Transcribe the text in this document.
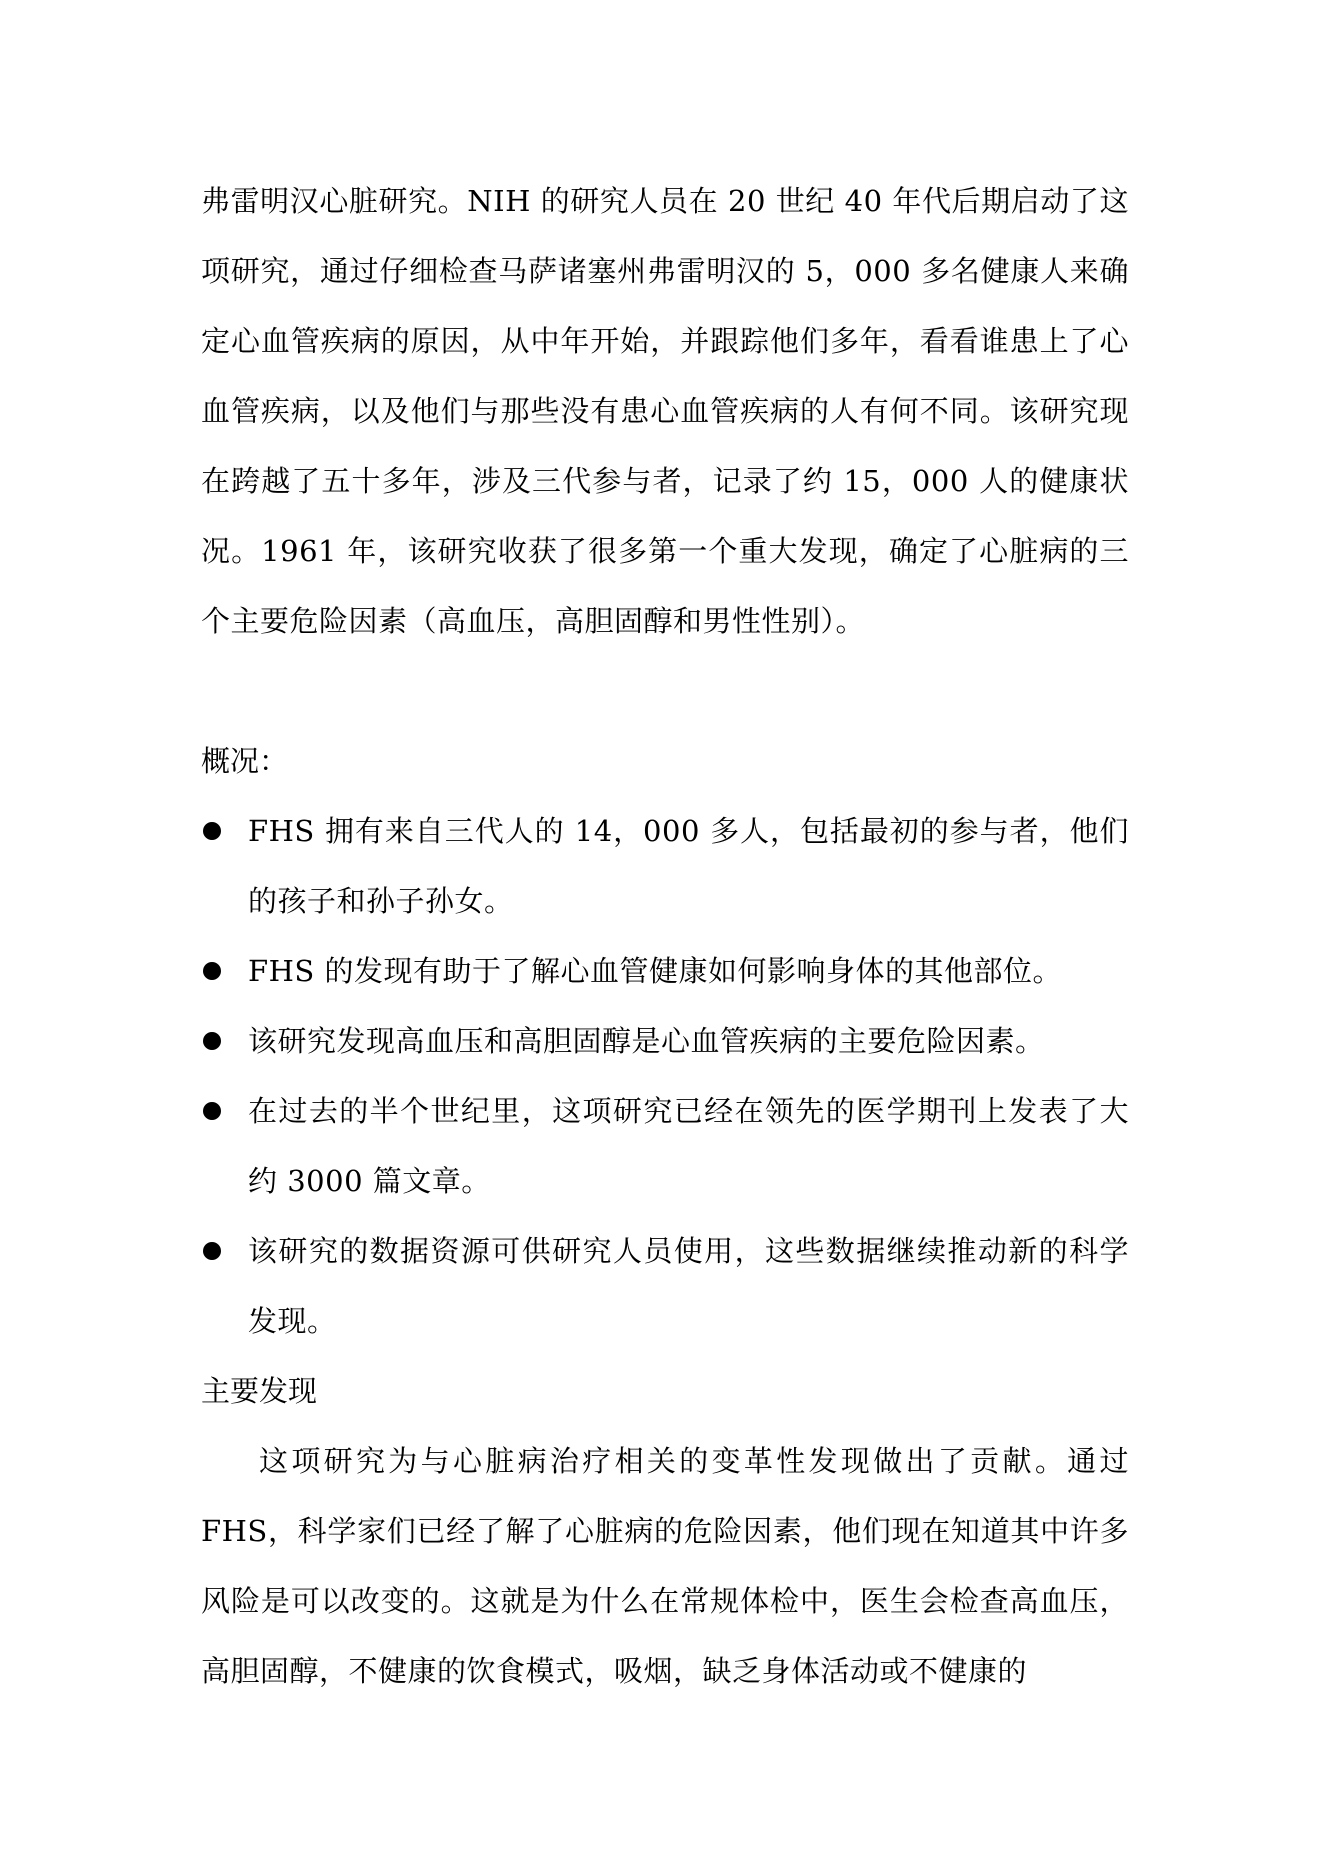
弗雷明汉心脏研究。NIH 的研究人员在 20 世纪 40 年代后期启动了这项研究，通过仔细检查马萨诸塞州弗雷明汉的 5，000 多名健康人来确定心血管疾病的原因，从中年开始，并跟踪他们多年，看看谁患上了心血管疾病，以及他们与那些没有患心血管疾病的人有何不同。该研究现在跨越了五十多年，涉及三代参与者，记录了约 15，000 人的健康状况。1961 年，该研究收获了很多第一个重大发现，确定了心脏病的三个主要危险因素（高血压，高胆固醇和男性性别）。

概况：

FHS 拥有来自三代人的 14，000 多人，包括最初的参与者，他们的孩子和孙子孙女。
FHS 的发现有助于了解心血管健康如何影响身体的其他部位。
该研究发现高血压和高胆固醇是心血管疾病的主要危险因素。
在过去的半个世纪里，这项研究已经在领先的医学期刊上发表了大约 3000 篇文章。
该研究的数据资源可供研究人员使用，这些数据继续推动新的科学发现。

主要发现

这项研究为与心脏病治疗相关的变革性发现做出了贡献。通过 FHS，科学家们已经了解了心脏病的危险因素，他们现在知道其中许多风险是可以改变的。这就是为什么在常规体检中，医生会检查高血压，高胆固醇，不健康的饮食模式，吸烟，缺乏身体活动或不健康的
